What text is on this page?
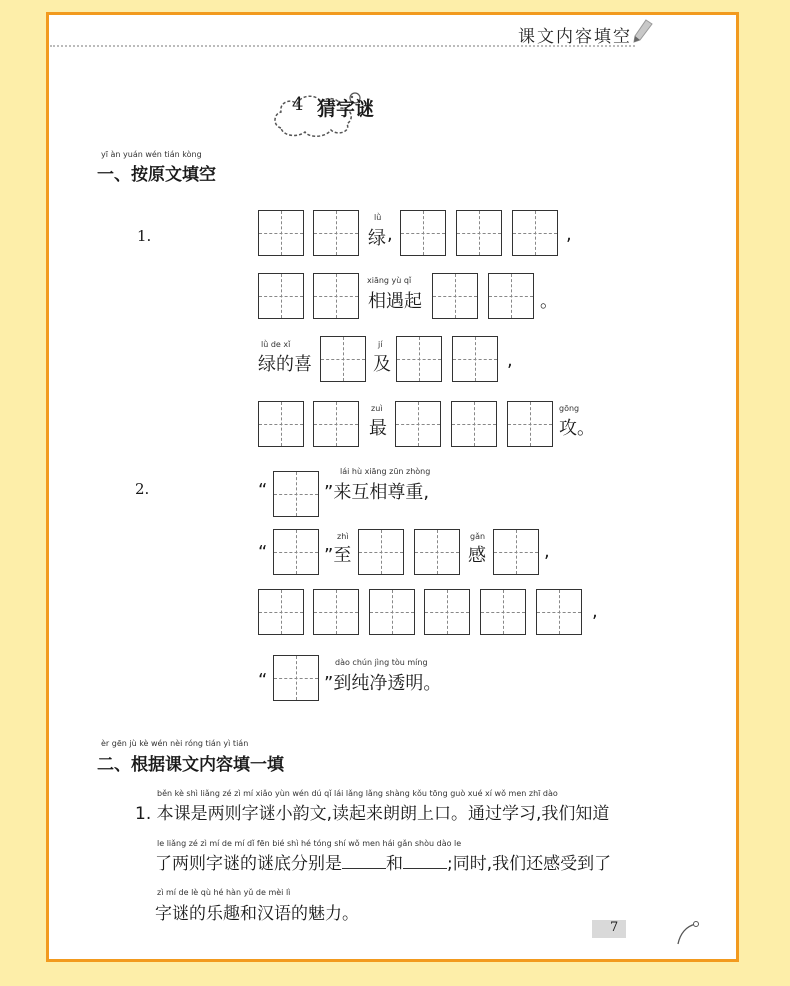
课文内容填空
4 猜字谜
yī àn yuán wén tián kòng
一、按原文填空
1.
lǜ
绿 ,	,
xiāng yù qǐ
相遇起	。
lǜ de xǐ
绿的喜
jí
及	,
zuì
最
gōng
攻。
2.	“
lái hù xiāng zūn zhòng
”来互相尊重,
“
zhì
”至
gǎn
感	,
,
“
dào chún jìng tòu míng
”到纯净透明。
èr gēn jù kè wén nèi róng tián yì tián
二、根据课文内容填一填
běn kè shì liǎng zé zì mí xiǎo yùn wén dú qǐ lái lǎng lǎng shàng kǒu tōng guò xué xí wǒ men zhī dào
1. 本课是两则字谜小韵文,读起来朗朗上口。通过学习,我们知道
le liǎng zé zì mí de mí dǐ fēn bié shì hé tóng shí wǒ men hái gǎn shòu dào le
了两则字谜的谜底分别是	和	;同时,我们还感受到了
zì mí de lè qù hé hàn yǔ de mèi lì
字谜的乐趣和汉语的魅力。
7
